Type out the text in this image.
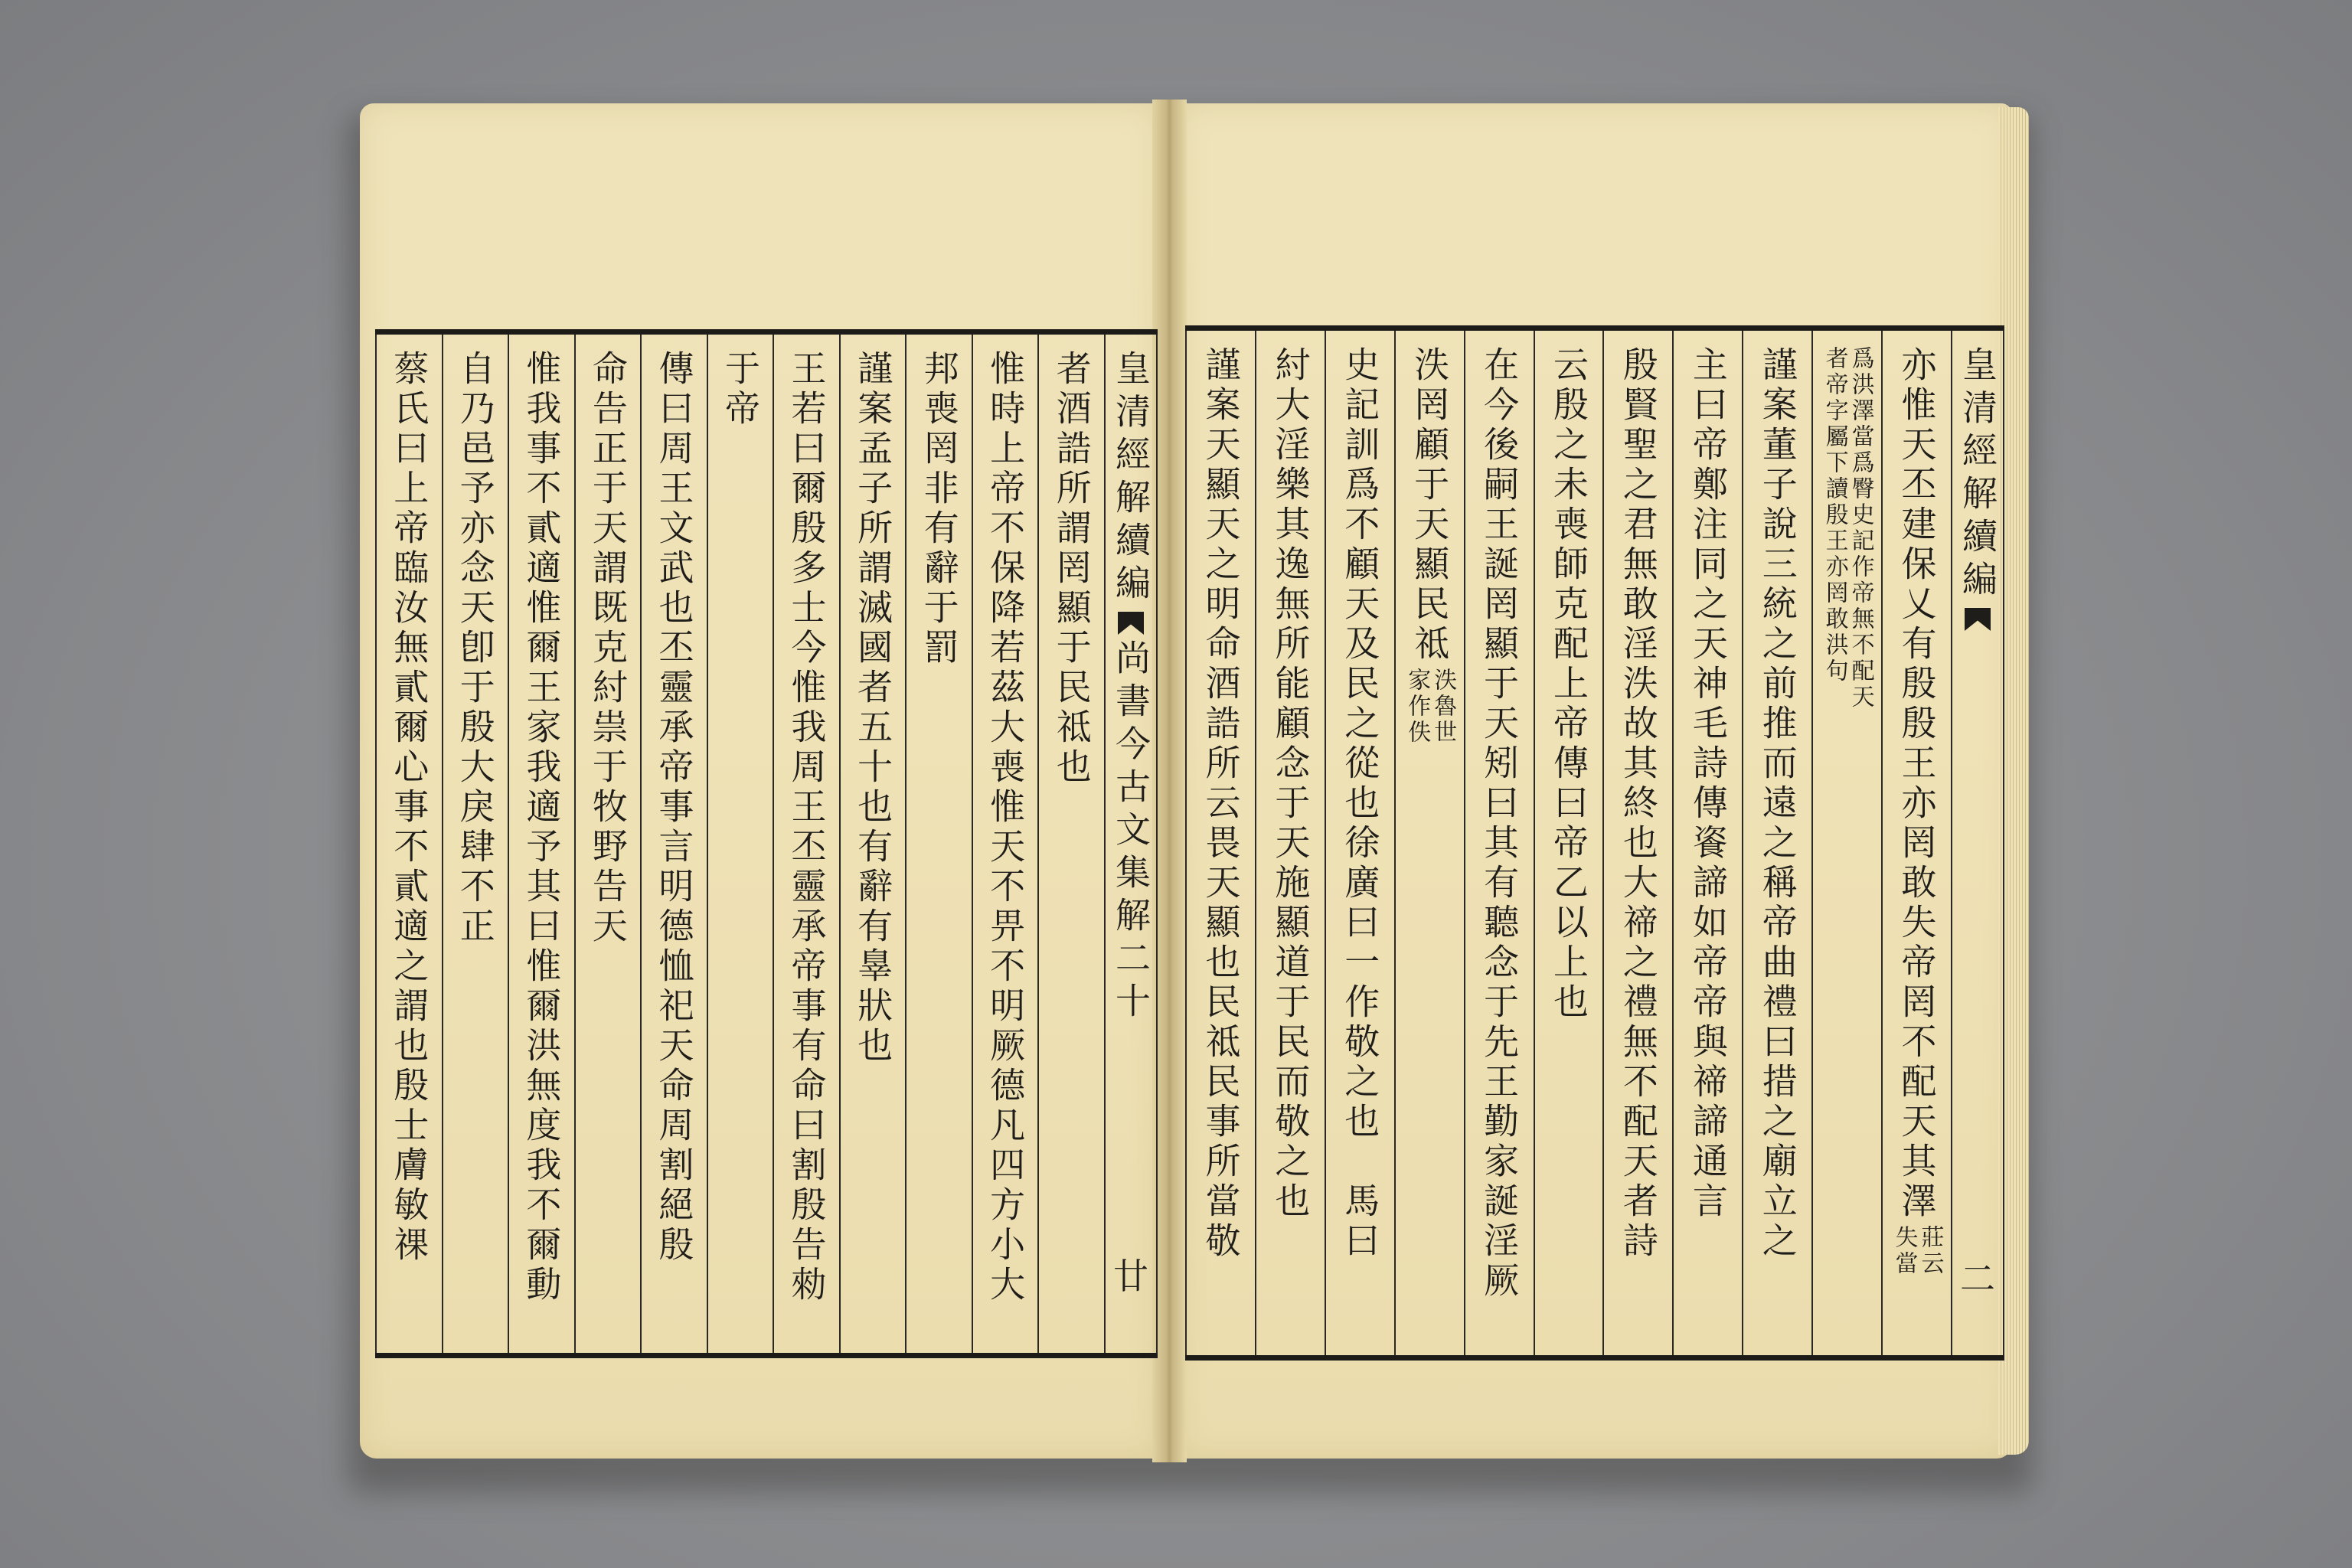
皇清經解續編
尚書今古文集解二十
廿
者酒誥所謂罔顯于民祗也
惟時上帝不保降若茲大喪惟天不畀不明厥德凡四方小大
邦喪罔非有辭于罰
謹案孟子所謂滅國者五十也有辭有辠狀也
王若曰爾殷多士今惟我周王丕靈承帝事有命曰割殷告勑
于帝
傳曰周王文武也丕靈承帝事言明德恤祀天命周割絕殷
命告正于天謂既克紂祟于牧野告天
惟我事不貳適惟爾王家我適予其曰惟爾洪無度我不爾動
自乃邑予亦念天卽于殷大戾肆不正
蔡氏曰上帝臨汝無貳爾心事不貳適之謂也殷士膚敏祼	皇清經解續編
二
亦惟天丕建保乂有殷殷王亦罔敢失帝罔不配天其澤
莊云
失當
爲洪澤當爲臀史記作帝無不配天
者帝字屬下讀殷王亦罔敢洪句
謹案董子說三統之前推而遠之稱帝曲禮曰措之廟立之
主曰帝鄭注同之天神毛詩傳餈諦如帝帝與禘諦通言
殷賢聖之君無敢淫泆故其終也大禘之禮無不配天者詩
云殷之未喪師克配上帝傳曰帝乙以上也
在今後嗣王誕罔顯于天矧曰其有聽念于先王勤家誕淫厥
泆罔顧于天顯民祗
泆魯世
家作佚
史記訓爲不顧天及民之從也徐廣曰一作敬之也　馬曰
紂大淫樂其逸無所能顧念于天施顯道于民而敬之也
謹案天顯天之明命酒誥所云畏天顯也民祗民事所當敬
